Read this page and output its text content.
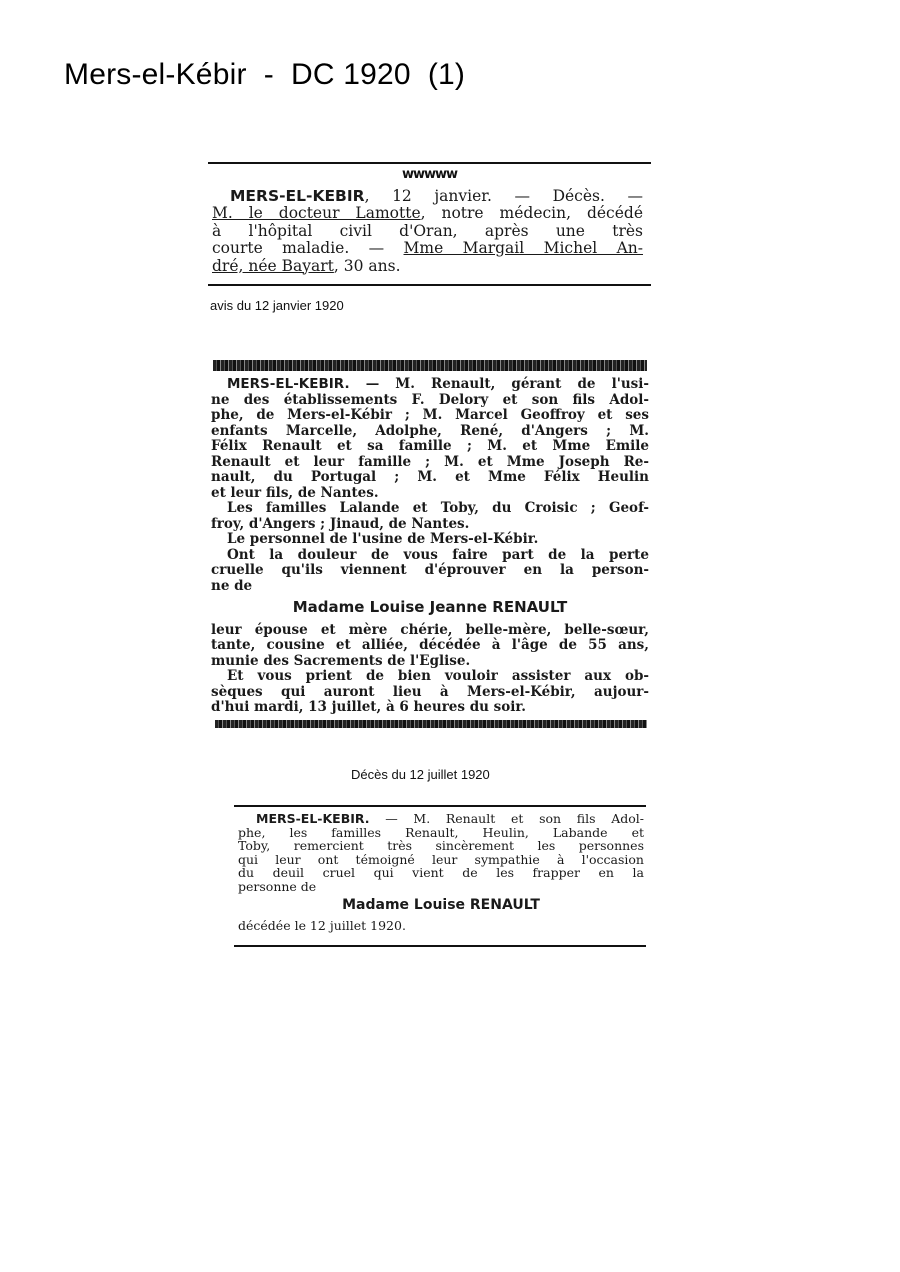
Mers-el-Kébir  -  DC 1920  (1)
wwwww

MERS-EL-KEBIR, 12 janvier. — Décès. —

M. le docteur Lamotte, notre médecin, décédé

à l'hôpital civil d'Oran, après une très

courte maladie. — Mme Margail Michel An-

dré, née Bayart, 30 ans.

avis du 12 janvier 1920

MERS-EL-KEBIR. — M. Renault, gérant de l'usi-

ne des établissements F. Delory et son fils Adol-

phe, de Mers-el-Kébir ; M. Marcel Geoffroy et ses

enfants Marcelle, Adolphe, René, d'Angers ; M.

Félix Renault et sa famille ; M. et Mme Emile

Renault et leur famille ; M. et Mme Joseph Re-

nault, du Portugal ; M. et Mme Félix Heulin

et leur fils, de Nantes.

Les familles Lalande et Toby, du Croisic ; Geof-

froy, d'Angers ; Jinaud, de Nantes.

Le personnel de l'usine de Mers-el-Kébir.

Ont la douleur de vous faire part de la perte

cruelle qu'ils viennent d'éprouver en la person-

ne de

Madame Louise Jeanne RENAULT

leur épouse et mère chérie, belle-mère, belle-sœur,

tante, cousine et alliée, décédée à l'âge de 55 ans,

munie des Sacrements de l'Eglise.

Et vous prient de bien vouloir assister aux ob-

sèques qui auront lieu à Mers-el-Kébir, aujour-

d'hui mardi, 13 juillet, à 6 heures du soir.

Décès du 12 juillet 1920

MERS-EL-KEBIR. — M. Renault et son fils Adol-

phe, les familles Renault, Heulin, Labande et

Toby, remercient très sincèrement les personnes

qui leur ont témoigné leur sympathie à l'occasion

du deuil cruel qui vient de les frapper en la

personne de

Madame Louise RENAULT

décédée le 12 juillet 1920.
